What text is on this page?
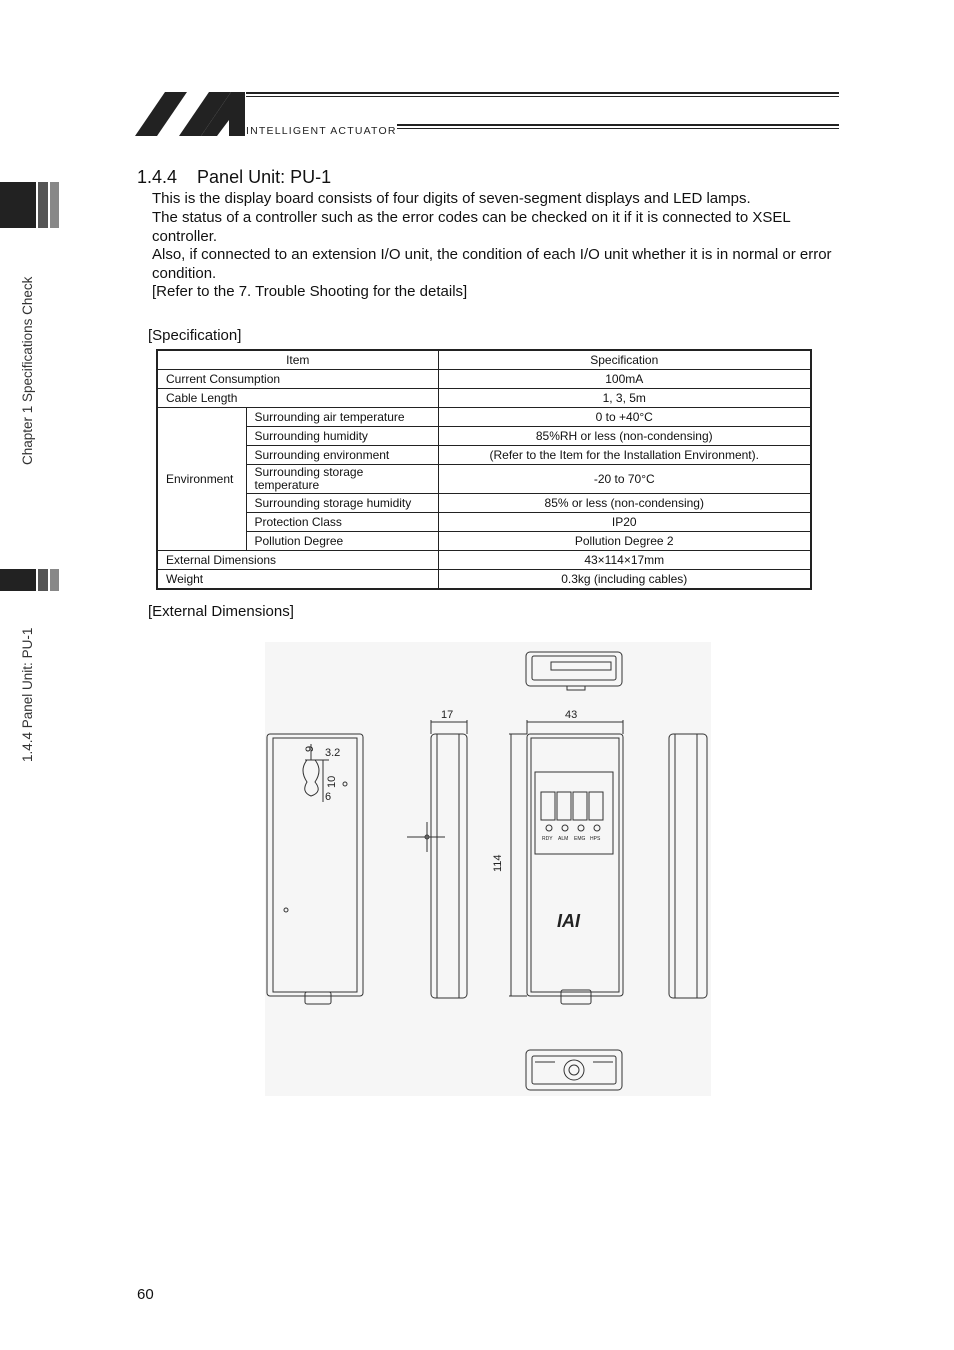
INTELLIGENT ACTUATOR
Chapter 1 Specifications Check
1.4.4 Panel Unit: PU-1
1.4.4    Panel Unit: PU-1
This is the display board consists of four digits of seven-segment displays and LED lamps.
The status of a controller such as the error codes can be checked on it if it is connected to XSEL controller.
Also, if connected to an extension I/O unit, the condition of each I/O unit whether it is in normal or error condition.
[Refer to the 7. Trouble Shooting for the details]
[Specification]
Item		Specification
Current Consumption		100mA
Cable Length		1, 3, 5m
Environment	Surrounding air temperature	0 to +40°C
	Surrounding humidity	85%RH or less (non-condensing)
	Surrounding environment	(Refer to the Item for the Installation Environment).
	Surrounding storage temperature	-20 to 70°C
	Surrounding storage humidity	85% or less (non-condensing)
	Protection Class	IP20
	Pollution Degree	Pollution Degree 2
External Dimensions		43×114×17mm
Weight		0.3kg (including cables)
[External Dimensions]
17	43
114
9 3.2
10
6
RDY ALM EMG HPS
IAI
60
